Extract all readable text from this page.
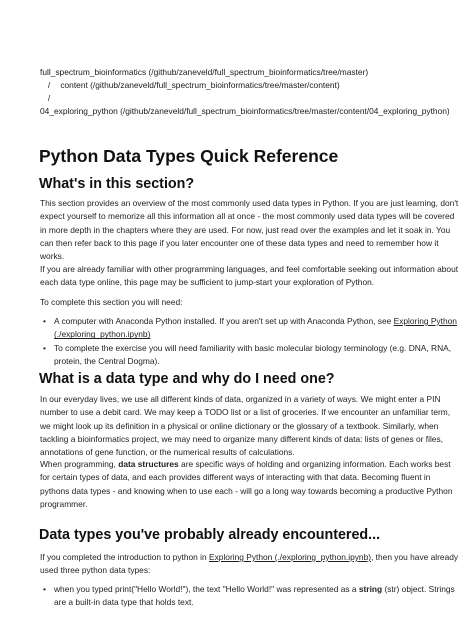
full_spectrum_bioinformatics (/github/zaneveld/full_spectrum_bioinformatics/tree/master)
/ content (/github/zaneveld/full_spectrum_bioinformatics/tree/master/content)
/
04_exploring_python (/github/zaneveld/full_spectrum_bioinformatics/tree/master/content/04_exploring_python)
Python Data Types Quick Reference
What's in this section?

This section provides an overview of the most commonly used data types in Python. If you are just learning, don't expect yourself to memorize all this information all at once - the most commonly used data types will be covered in more depth in the chapters where they are used. For now, just read over the examples and let it soak in. You can then refer back to this page if you later encounter one of these data types and need to remember how it works.

If you are already familiar with other programming languages, and feel comfortable seeking out information about each data type online, this page may be sufficient to jump-start your exploration of Python.

To complete this section you will need:

• A computer with Anaconda Python installed. If you aren't set up with Anaconda Python, see Exploring Python (./exploring_python.ipynb)
• To complete the exercise you will need familiarity with basic molecular biology terminology (e.g. DNA, RNA, protein, the Central Dogma).
What is a data type and why do I need one?

In our everyday lives, we use all different kinds of data, organized in a variety of ways. We might enter a PIN number to use a debit card. We may keep a TODO list or a list of groceries. If we encounter an unfamiliar term, we might look up its definition in a physical or online dictionary or the glossary of a textbook. Similarly, when tackling a bioinformatics project, we may need to organize many different kinds of data: lists of genes or files, annotations of gene function, or the numerical results of calculations.

When programming, data structures are specific ways of holding and organizing information. Each works best for certain types of data, and each provides different ways of interacting with that data. Becoming fluent in pythons data types - and knowing when to use each - will go a long way towards becoming a productive Python programmer.

Data types you've probably already encountered...

If you completed the introduction to python in Exploring Python (./exploring_python.ipynb), then you have already used three python data types:

• when you typed print("Hello World!"), the text "Hello World!" was represented as a string (str) object. Strings are a built-in data type that holds text.
